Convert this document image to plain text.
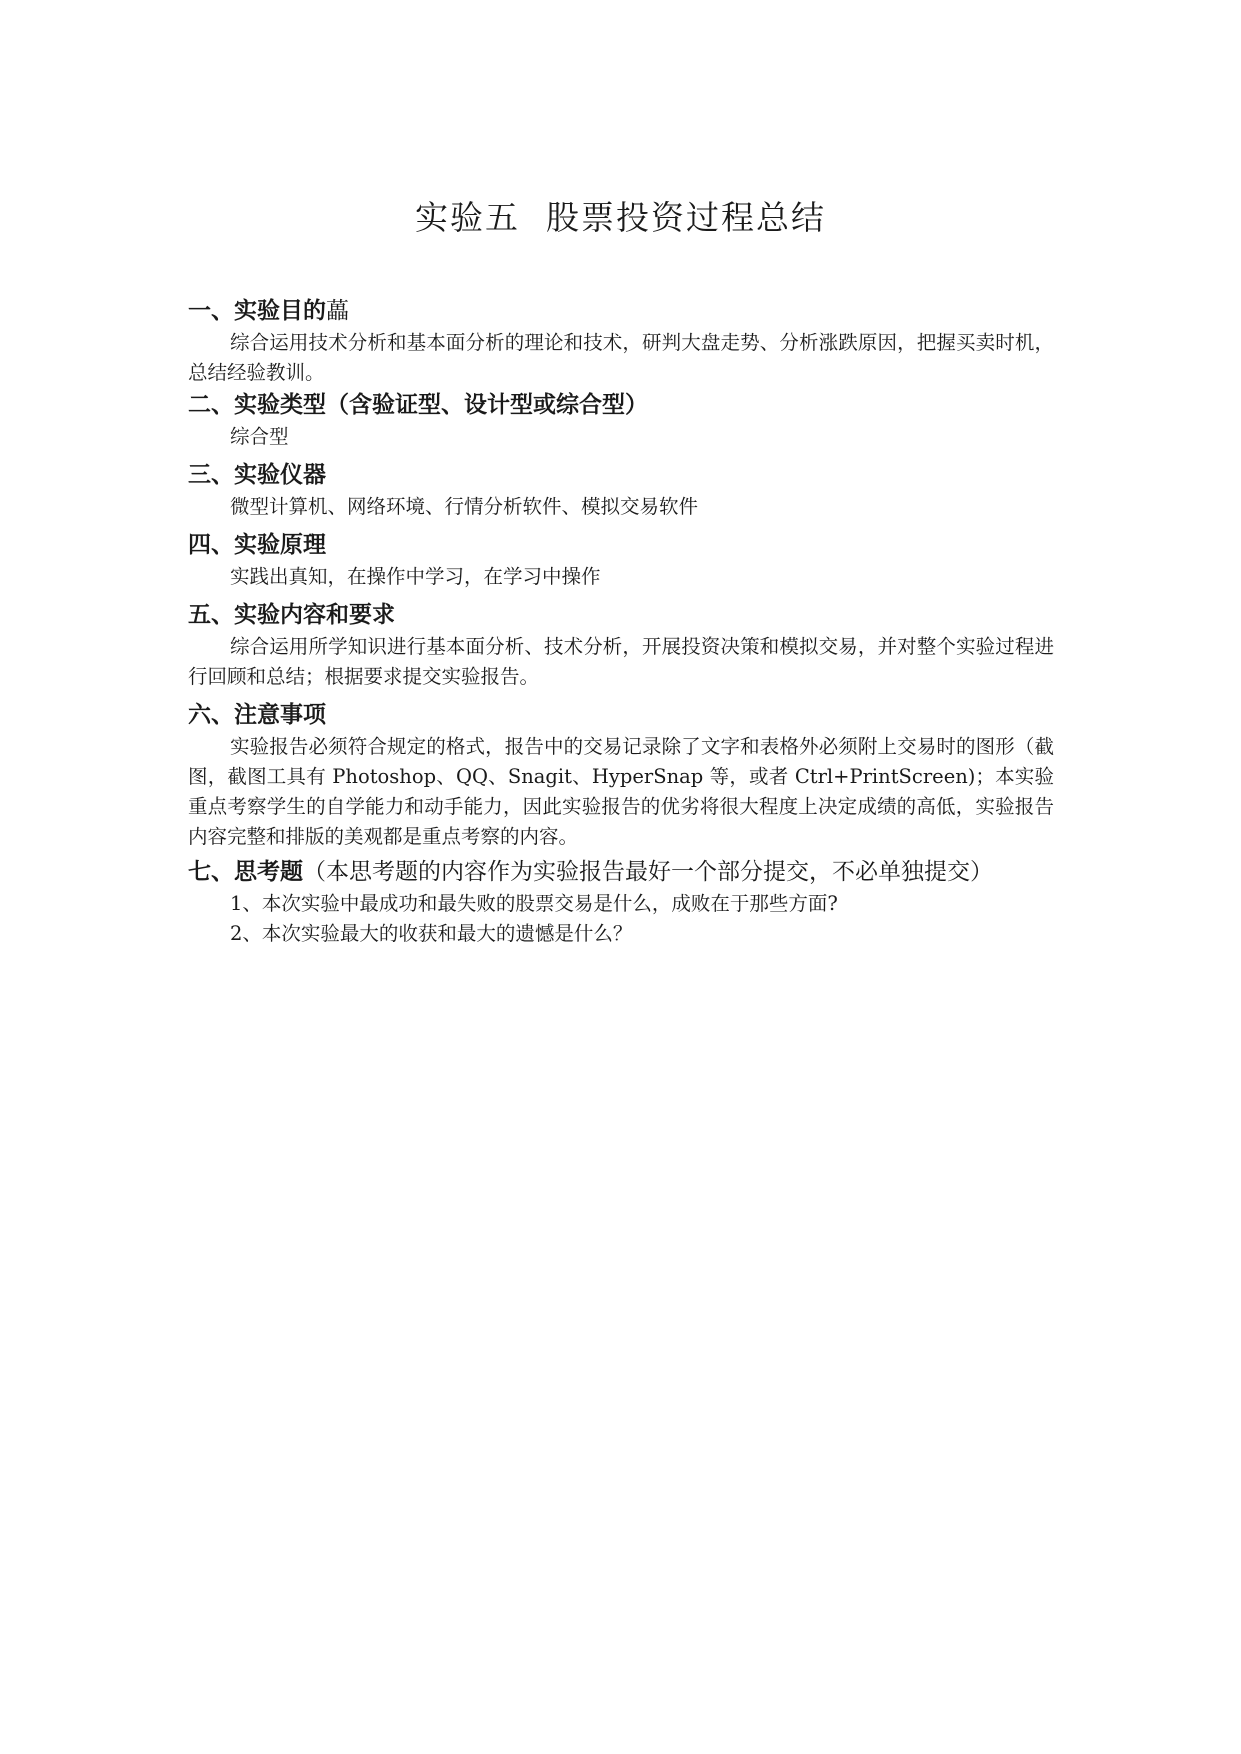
实验五 股票投资过程总结

一、实验目的藟

综合运用技术分析和基本面分析的理论和技术，研判大盘走势、分析涨跌原因，把握买卖时机，总结经验教训。

二、实验类型（含验证型、设计型或综合型）

综合型

三、实验仪器

微型计算机、网络环境、行情分析软件、模拟交易软件

四、实验原理

实践出真知，在操作中学习，在学习中操作

五、实验内容和要求

综合运用所学知识进行基本面分析、技术分析，开展投资决策和模拟交易，并对整个实验过程进行回顾和总结；根据要求提交实验报告。

六、注意事项

实验报告必须符合规定的格式，报告中的交易记录除了文字和表格外必须附上交易时的图形（截图，截图工具有 Photoshop、QQ、Snagit、HyperSnap 等，或者 Ctrl+PrintScreen)；本实验重点考察学生的自学能力和动手能力，因此实验报告的优劣将很大程度上决定成绩的高低，实验报告内容完整和排版的美观都是重点考察的内容。

七、思考题（本思考题的内容作为实验报告最好一个部分提交，不必单独提交）

1、本次实验中最成功和最失败的股票交易是什么，成败在于那些方面?

2、本次实验最大的收获和最大的遗憾是什么？
